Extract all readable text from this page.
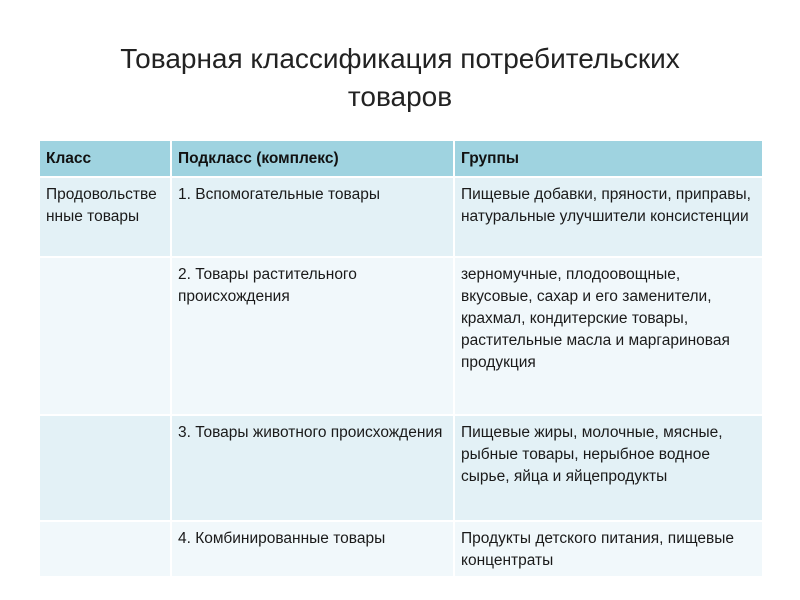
Товарная классификация потребительских
товаров
Класс	Подкласс (комплекс)	Группы
Продовольственные товары	1. Вспомогательные товары	Пищевые добавки, пряности, приправы, натуральные улучшители консистенции
	2. Товары растительного происхождения	зерномучные, плодоовощные, вкусовые, сахар и его заменители, крахмал, кондитерские товары, растительные масла и маргариновая продукция
	3. Товары животного происхождения	Пищевые жиры, молочные, мясные, рыбные товары, нерыбное водное сырье, яйца и яйцепродукты
	4. Комбинированные товары	Продукты детского питания, пищевые концентраты
